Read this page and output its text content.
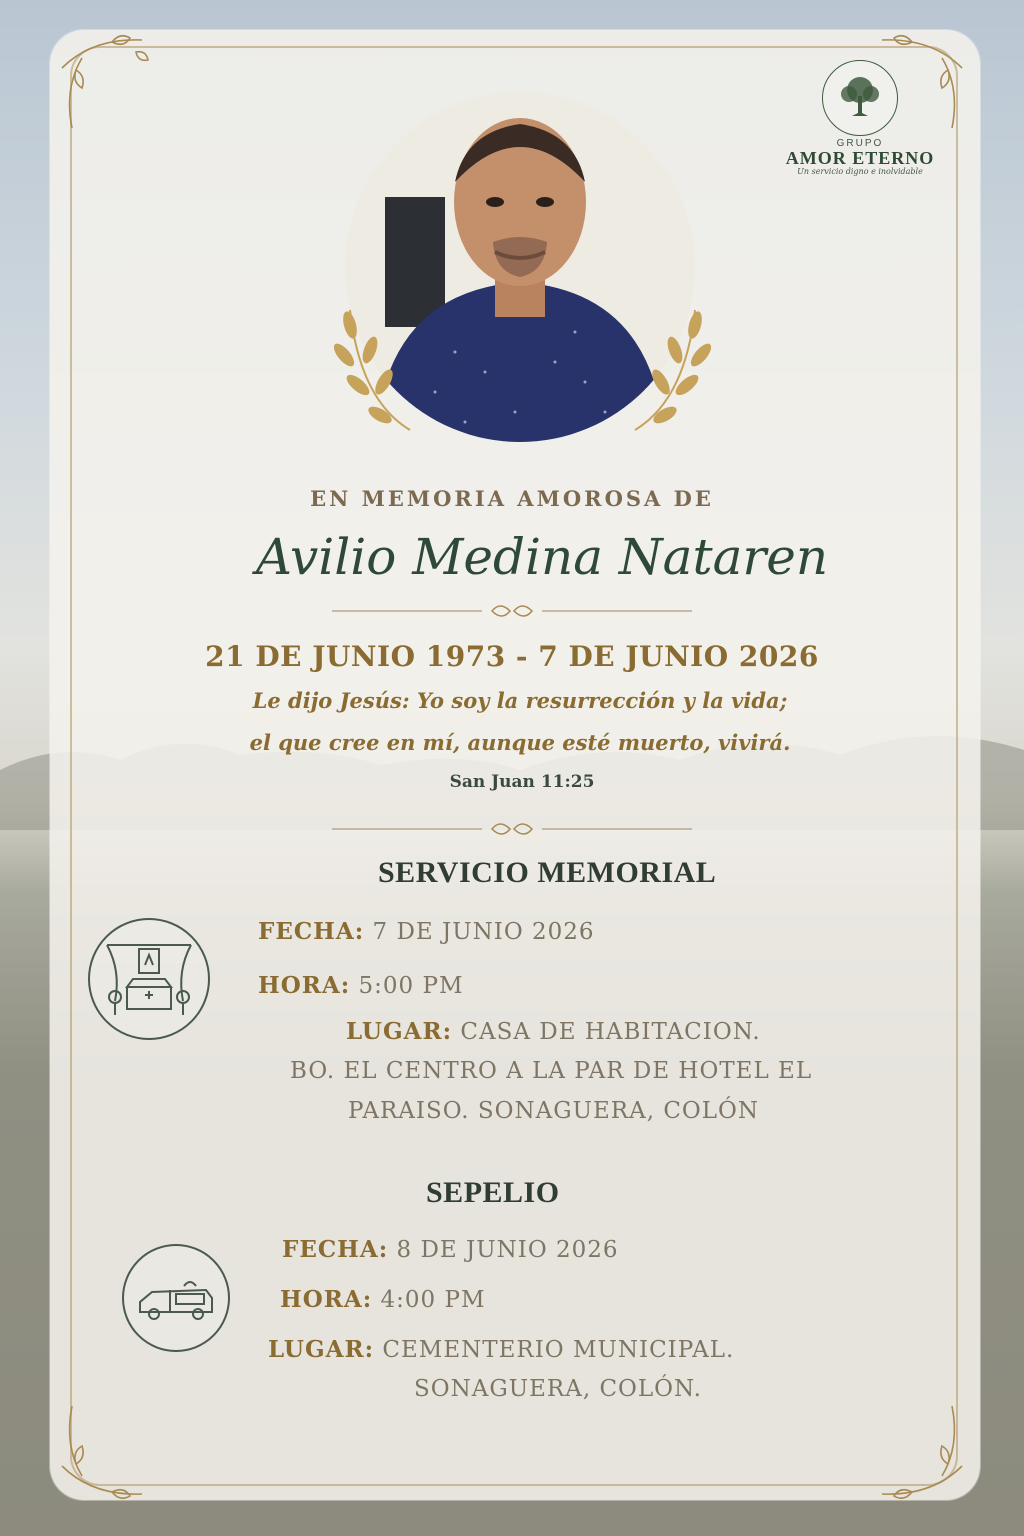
GRUPO
AMOR ETERNO
Un servicio digno e inolvidable
EN MEMORIA AMOROSA DE
Avilio Medina Nataren
21 DE JUNIO 1973 - 7 DE JUNIO 2026
Le dijo Jesús: Yo soy la resurrección y la vida;
el que cree en mí, aunque esté muerto, vivirá.
San Juan 11:25
SERVICIO MEMORIAL
FECHA: 7 DE JUNIO 2026
HORA: 5:00 PM
LUGAR: CASA DE HABITACION.
BO. EL CENTRO A LA PAR DE HOTEL EL
PARAISO. SONAGUERA, COLÓN
SEPELIO
FECHA: 8 DE JUNIO 2026
HORA: 4:00 PM
LUGAR: CEMENTERIO MUNICIPAL.
SONAGUERA, COLÓN.
